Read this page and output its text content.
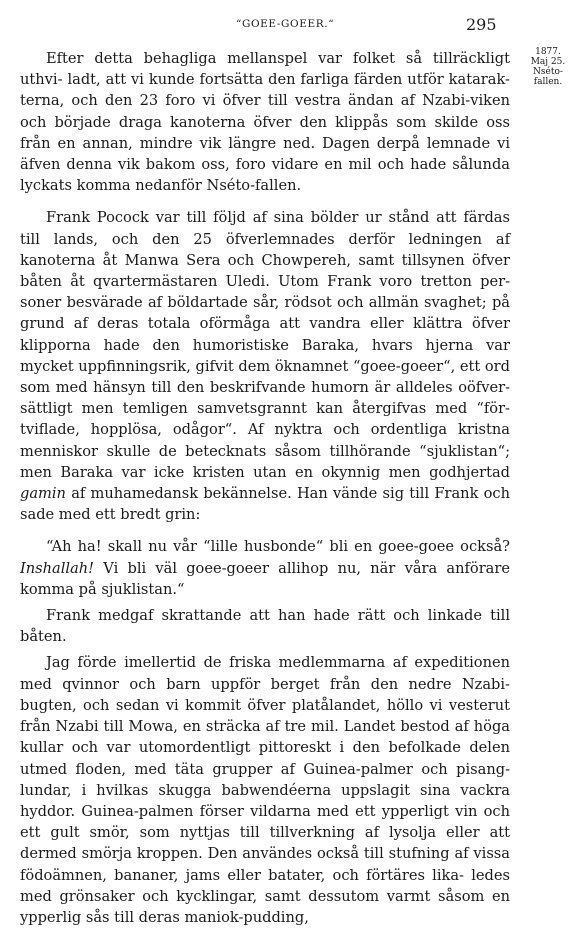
“GOEE-GOEER.“	295
1877.
Maj 25.
Nséto-
fallen.

Efter detta behagliga mellanspel var folket så tillräckligt uthvi- ladt, att vi kunde fortsätta den farliga färden utför katarak- terna, och den 23 foro vi öfver till vestra ändan af Nzabi-viken och började draga kanoterna öfver den klippås som skilde oss från en annan, mindre vik längre ned. Dagen derpå lemnade vi äfven denna vik bakom oss, foro vidare en mil och hade sålunda lyckats komma nedanför Nséto-fallen.

Frank Pocock var till följd af sina bölder ur stånd att färdas till lands, och den 25 öfverlemnades derför ledningen af kanoterna åt Manwa Sera och Chowpereh, samt tillsynen öfver båten åt qvartermästaren Uledi. Utom Frank voro tretton per- soner besvärade af böldartade sår, rödsot och allmän svaghet; på grund af deras totala oförmåga att vandra eller klättra öfver klipporna hade den humoristiske Baraka, hvars hjerna var mycket uppfinningsrik, gifvit dem öknamnet “goee-goeer“, ett ord som med hänsyn till den beskrifvande humorn är alldeles oöfver- sättligt men temligen samvetsgrannt kan återgifvas med “för- tviflade, hopplösa, odågor“. Af nyktra och ordentliga kristna menniskor skulle de betecknats såsom tillhörande “sjuklistan“; men Baraka var icke kristen utan en okynnig men godhjertad gamin af muhamedansk bekännelse. Han vände sig till Frank och sade med ett bredt grin:

“Ah ha! skall nu vår “lille husbonde“ bli en goee-goee också? Inshallah! Vi bli väl goee-goeer allihop nu, när våra anförare komma på sjuklistan.“

Frank medgaf skrattande att han hade rätt och linkade till båten.

Jag förde imellertid de friska medlemmarna af expeditionen med qvinnor och barn uppför berget från den nedre Nzabi-bugten, och sedan vi kommit öfver platålandet, höllo vi vesterut från Nzabi till Mowa, en sträcka af tre mil. Landet bestod af höga kullar och var utomordentligt pittoreskt i den befolkade delen utmed floden, med täta grupper af Guinea-palmer och pisang- lundar, i hvilkas skugga babwendéerna uppslagit sina vackra hyddor. Guinea-palmen förser vildarna med ett ypperligt vin och ett gult smör, som nyttjas till tillverkning af lysolja eller att dermed smörja kroppen. Den användes också till stufning af vissa födoämnen, bananer, jams eller batater, och förtäres lika- ledes med grönsaker och kycklingar, samt dessutom varmt såsom en ypperlig sås till deras maniok-pudding,
